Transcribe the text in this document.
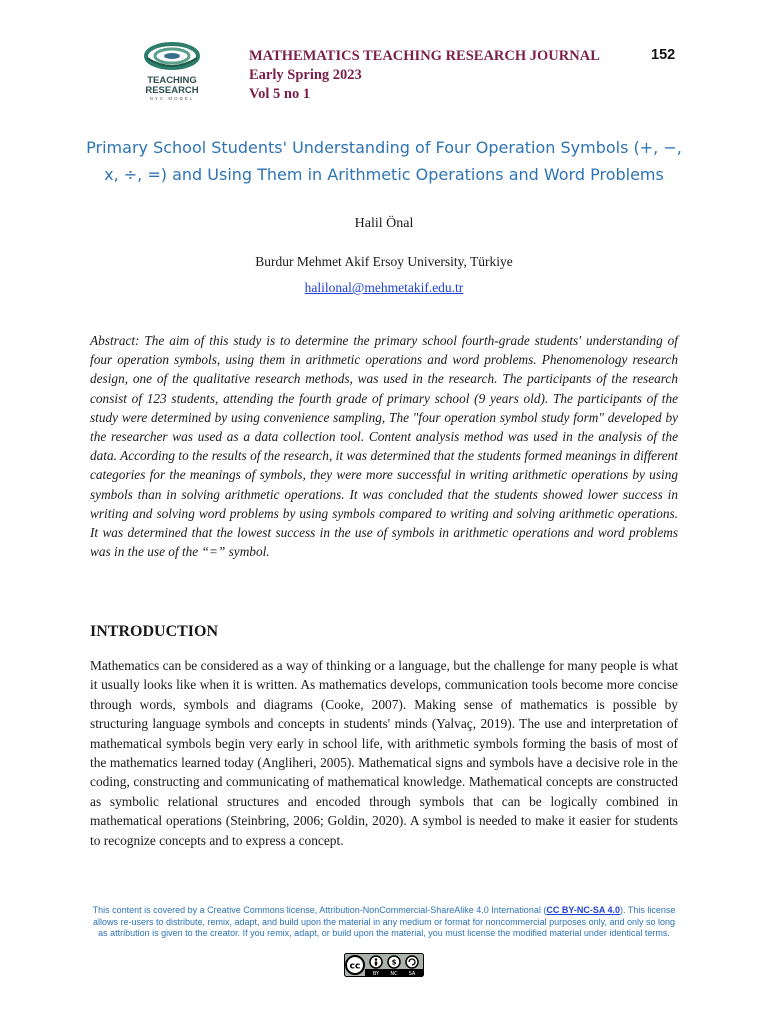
TEACHING
RESEARCH
NYC MODEL
MATHEMATICS TEACHING RESEARCH JOURNAL
Early Spring 2023
Vol 5 no 1
152
Primary School Students' Understanding of Four Operation Symbols (+, −, x, ÷, =) and Using Them in Arithmetic Operations and Word Problems
Halil Önal
Burdur Mehmet Akif Ersoy University, Türkiye
halilonal@mehmetakif.edu.tr
Abstract: The aim of this study is to determine the primary school fourth-grade students' understanding of four operation symbols, using them in arithmetic operations and word problems. Phenomenology research design, one of the qualitative research methods, was used in the research. The participants of the research consist of 123 students, attending the fourth grade of primary school (9 years old). The participants of the study were determined by using convenience sampling, The "four operation symbol study form" developed by the researcher was used as a data collection tool. Content analysis method was used in the analysis of the data. According to the results of the research, it was determined that the students formed meanings in different categories for the meanings of symbols, they were more successful in writing arithmetic operations by using symbols than in solving arithmetic operations. It was concluded that the students showed lower success in writing and solving word problems by using symbols compared to writing and solving arithmetic operations. It was determined that the lowest success in the use of symbols in arithmetic operations and word problems was in the use of the “=” symbol.
INTRODUCTION
Mathematics can be considered as a way of thinking or a language, but the challenge for many people is what it usually looks like when it is written. As mathematics develops, communication tools become more concise through words, symbols and diagrams (Cooke, 2007). Making sense of mathematics is possible by structuring language symbols and concepts in students' minds (Yalvaç, 2019). The use and interpretation of mathematical symbols begin very early in school life, with arithmetic symbols forming the basis of most of the mathematics learned today (Angliheri, 2005). Mathematical signs and symbols have a decisive role in the coding, constructing and communicating of mathematical knowledge. Mathematical concepts are constructed as symbolic relational structures and encoded through symbols that can be logically combined in mathematical operations (Steinbring, 2006; Goldin, 2020). A symbol is needed to make it easier for students to recognize concepts and to express a concept.
This content is covered by a Creative Commons license, Attribution-NonCommercial-ShareAlike 4.0 International (CC BY-NC-SA 4.0). This license allows re-users to distribute, remix, adapt, and build upon the material in any medium or format for noncommercial purposes only, and only so long as attribution is given to the creator. If you remix, adapt, or build upon the material, you must license the modified material under identical terms.
cc	$
BY NC SA
